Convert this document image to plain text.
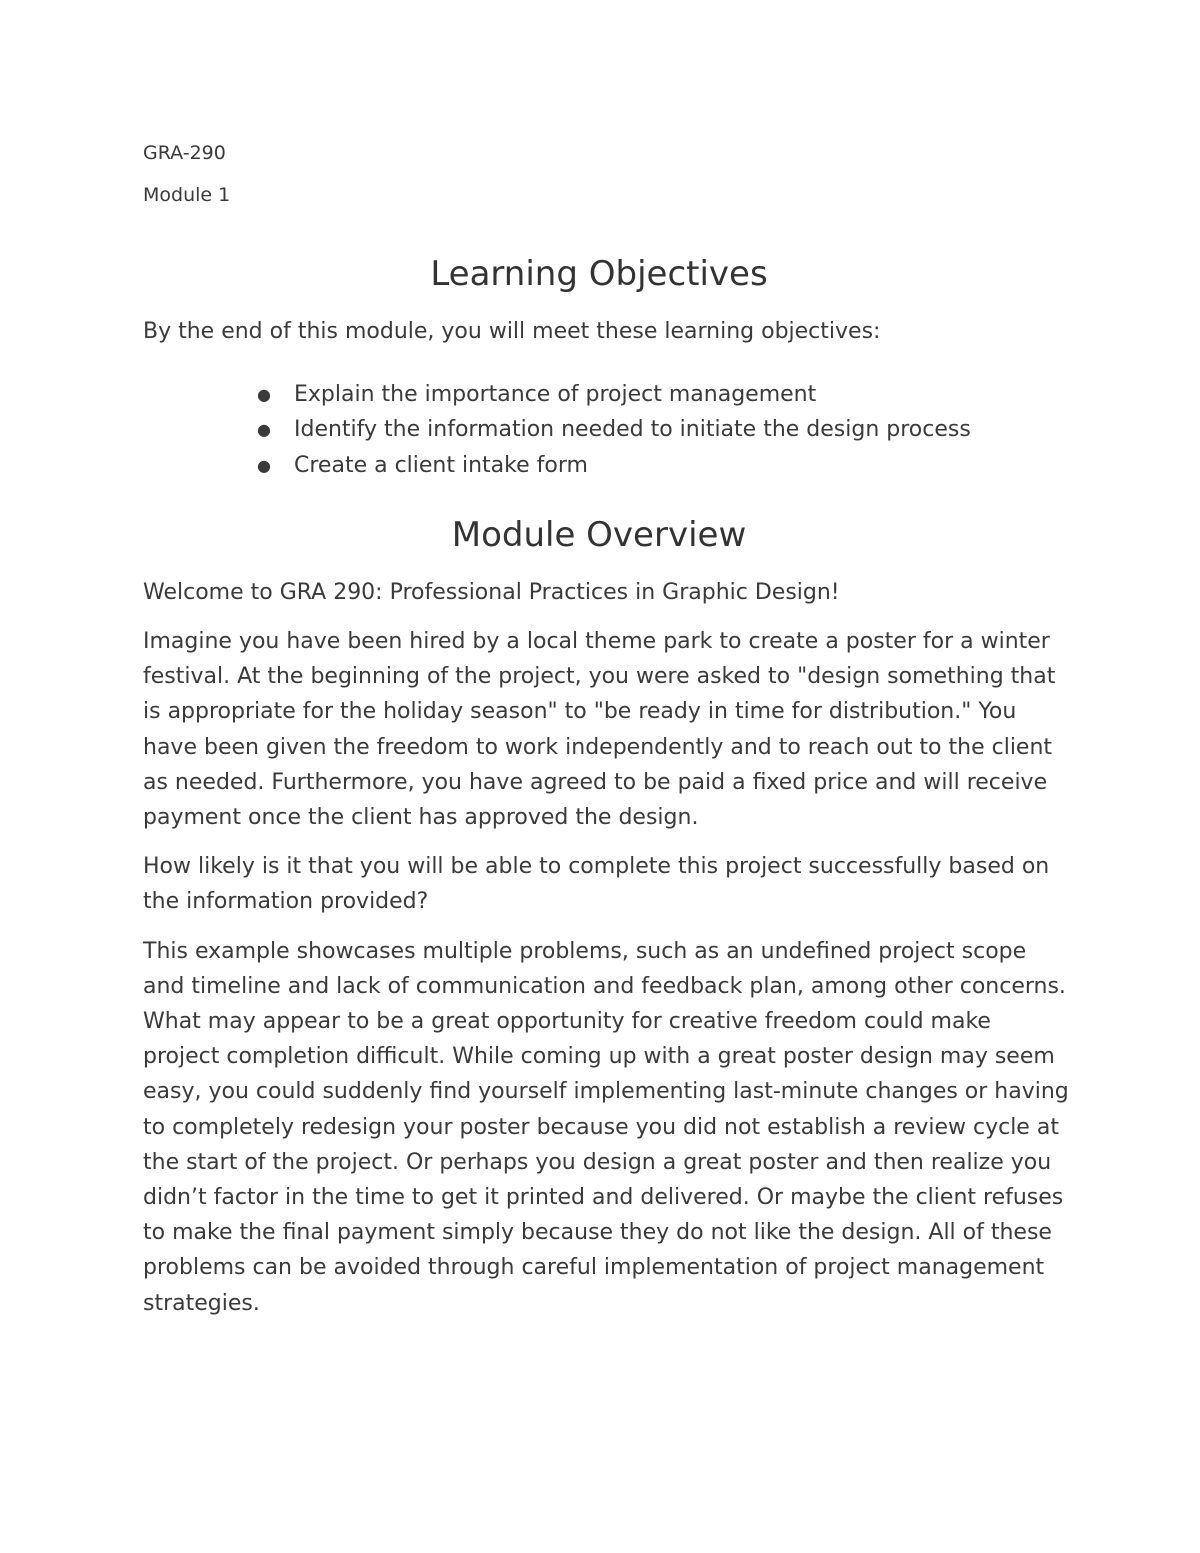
GRA-290
Module 1
Learning Objectives

By the end of this module, you will meet these learning objectives:

● Explain the importance of project management
● Identify the information needed to initiate the design process
● Create a client intake form
Module Overview

Welcome to GRA 290: Professional Practices in Graphic Design!

Imagine you have been hired by a local theme park to create a poster for a winter festival. At the beginning of the project, you were asked to "design something that is appropriate for the holiday season" to "be ready in time for distribution." You have been given the freedom to work independently and to reach out to the client as needed. Furthermore, you have agreed to be paid a fixed price and will receive payment once the client has approved the design.

How likely is it that you will be able to complete this project successfully based on the information provided?

This example showcases multiple problems, such as an undefined project scope and timeline and lack of communication and feedback plan, among other concerns. What may appear to be a great opportunity for creative freedom could make project completion difficult. While coming up with a great poster design may seem easy, you could suddenly find yourself implementing last-minute changes or having to completely redesign your poster because you did not establish a review cycle at the start of the project. Or perhaps you design a great poster and then realize you didn’t factor in the time to get it printed and delivered. Or maybe the client refuses to make the final payment simply because they do not like the design. All of these problems can be avoided through careful implementation of project management strategies.
